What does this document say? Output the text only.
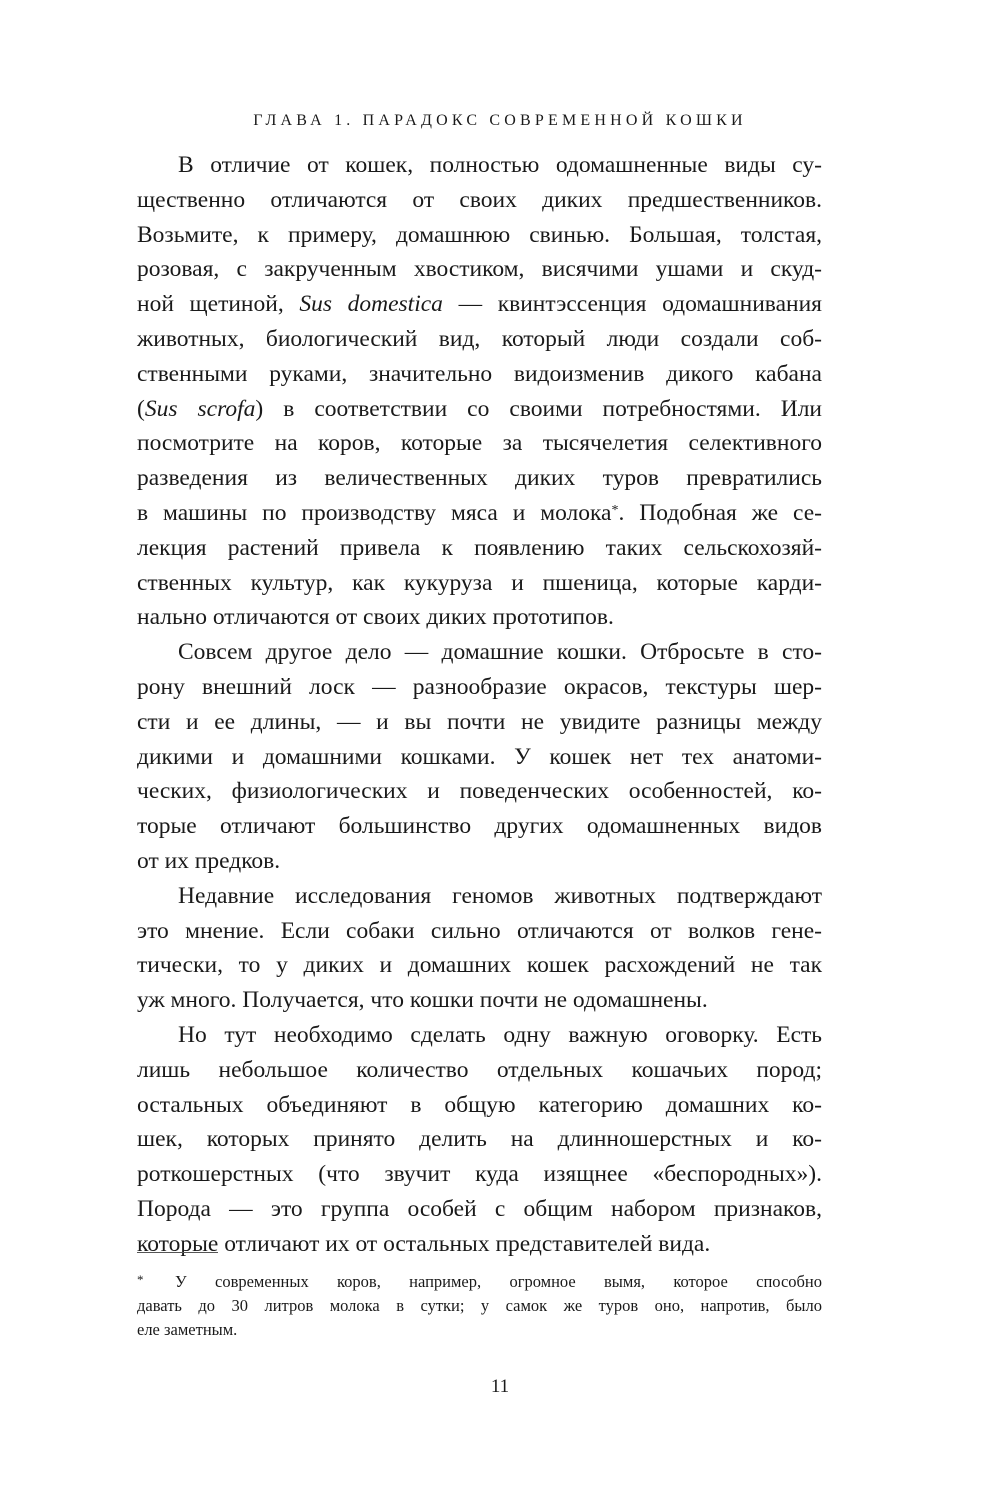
ГЛАВА 1. ПАРАДОКС СОВРЕМЕННОЙ КОШКИ
В отличие от кошек, полностью одомашненные виды су-
щественно отличаются от своих диких предшественников.
Возьмите, к примеру, домашнюю свинью. Большая, толстая,
розовая, с закрученным хвостиком, висячими ушами и скуд-
ной щетиной, Sus domestica — квинтэссенция одомашнивания
животных, биологический вид, который люди создали соб-
ственными руками, значительно видоизменив дикого кабана
(Sus scrofa) в соответствии со своими потребностями. Или
посмотрите на коров, которые за тысячелетия селективного
разведения из величественных диких туров превратились
в машины по производству мяса и молока*. Подобная же се-
лекция растений привела к появлению таких сельскохозяй-
ственных культур, как кукуруза и пшеница, которые карди-
нально отличаются от своих диких прототипов.
Совсем другое дело — домашние кошки. Отбросьте в сто-
рону внешний лоск — разнообразие окрасов, текстуры шер-
сти и ее длины, — и вы почти не увидите разницы между
дикими и домашними кошками. У кошек нет тех анатоми-
ческих, физиологических и поведенческих особенностей, ко-
торые отличают большинство других одомашненных видов
от их предков.
Недавние исследования геномов животных подтверждают
это мнение. Если собаки сильно отличаются от волков гене-
тически, то у диких и домашних кошек расхождений не так
уж много. Получается, что кошки почти не одомашнены.
Но тут необходимо сделать одну важную оговорку. Есть
лишь небольшое количество отдельных кошачьих пород;
остальных объединяют в общую категорию домашних ко-
шек, которых принято делить на длинношерстных и ко-
роткошерстных (что звучит куда изящнее «беспородных»).
Порода — это группа особей с общим набором признаков,
которые отличают их от остальных представителей вида.
* У современных коров, например, огромное вымя, которое способно
давать до 30 литров молока в сутки; у самок же туров оно, напротив, было
еле заметным.
11
